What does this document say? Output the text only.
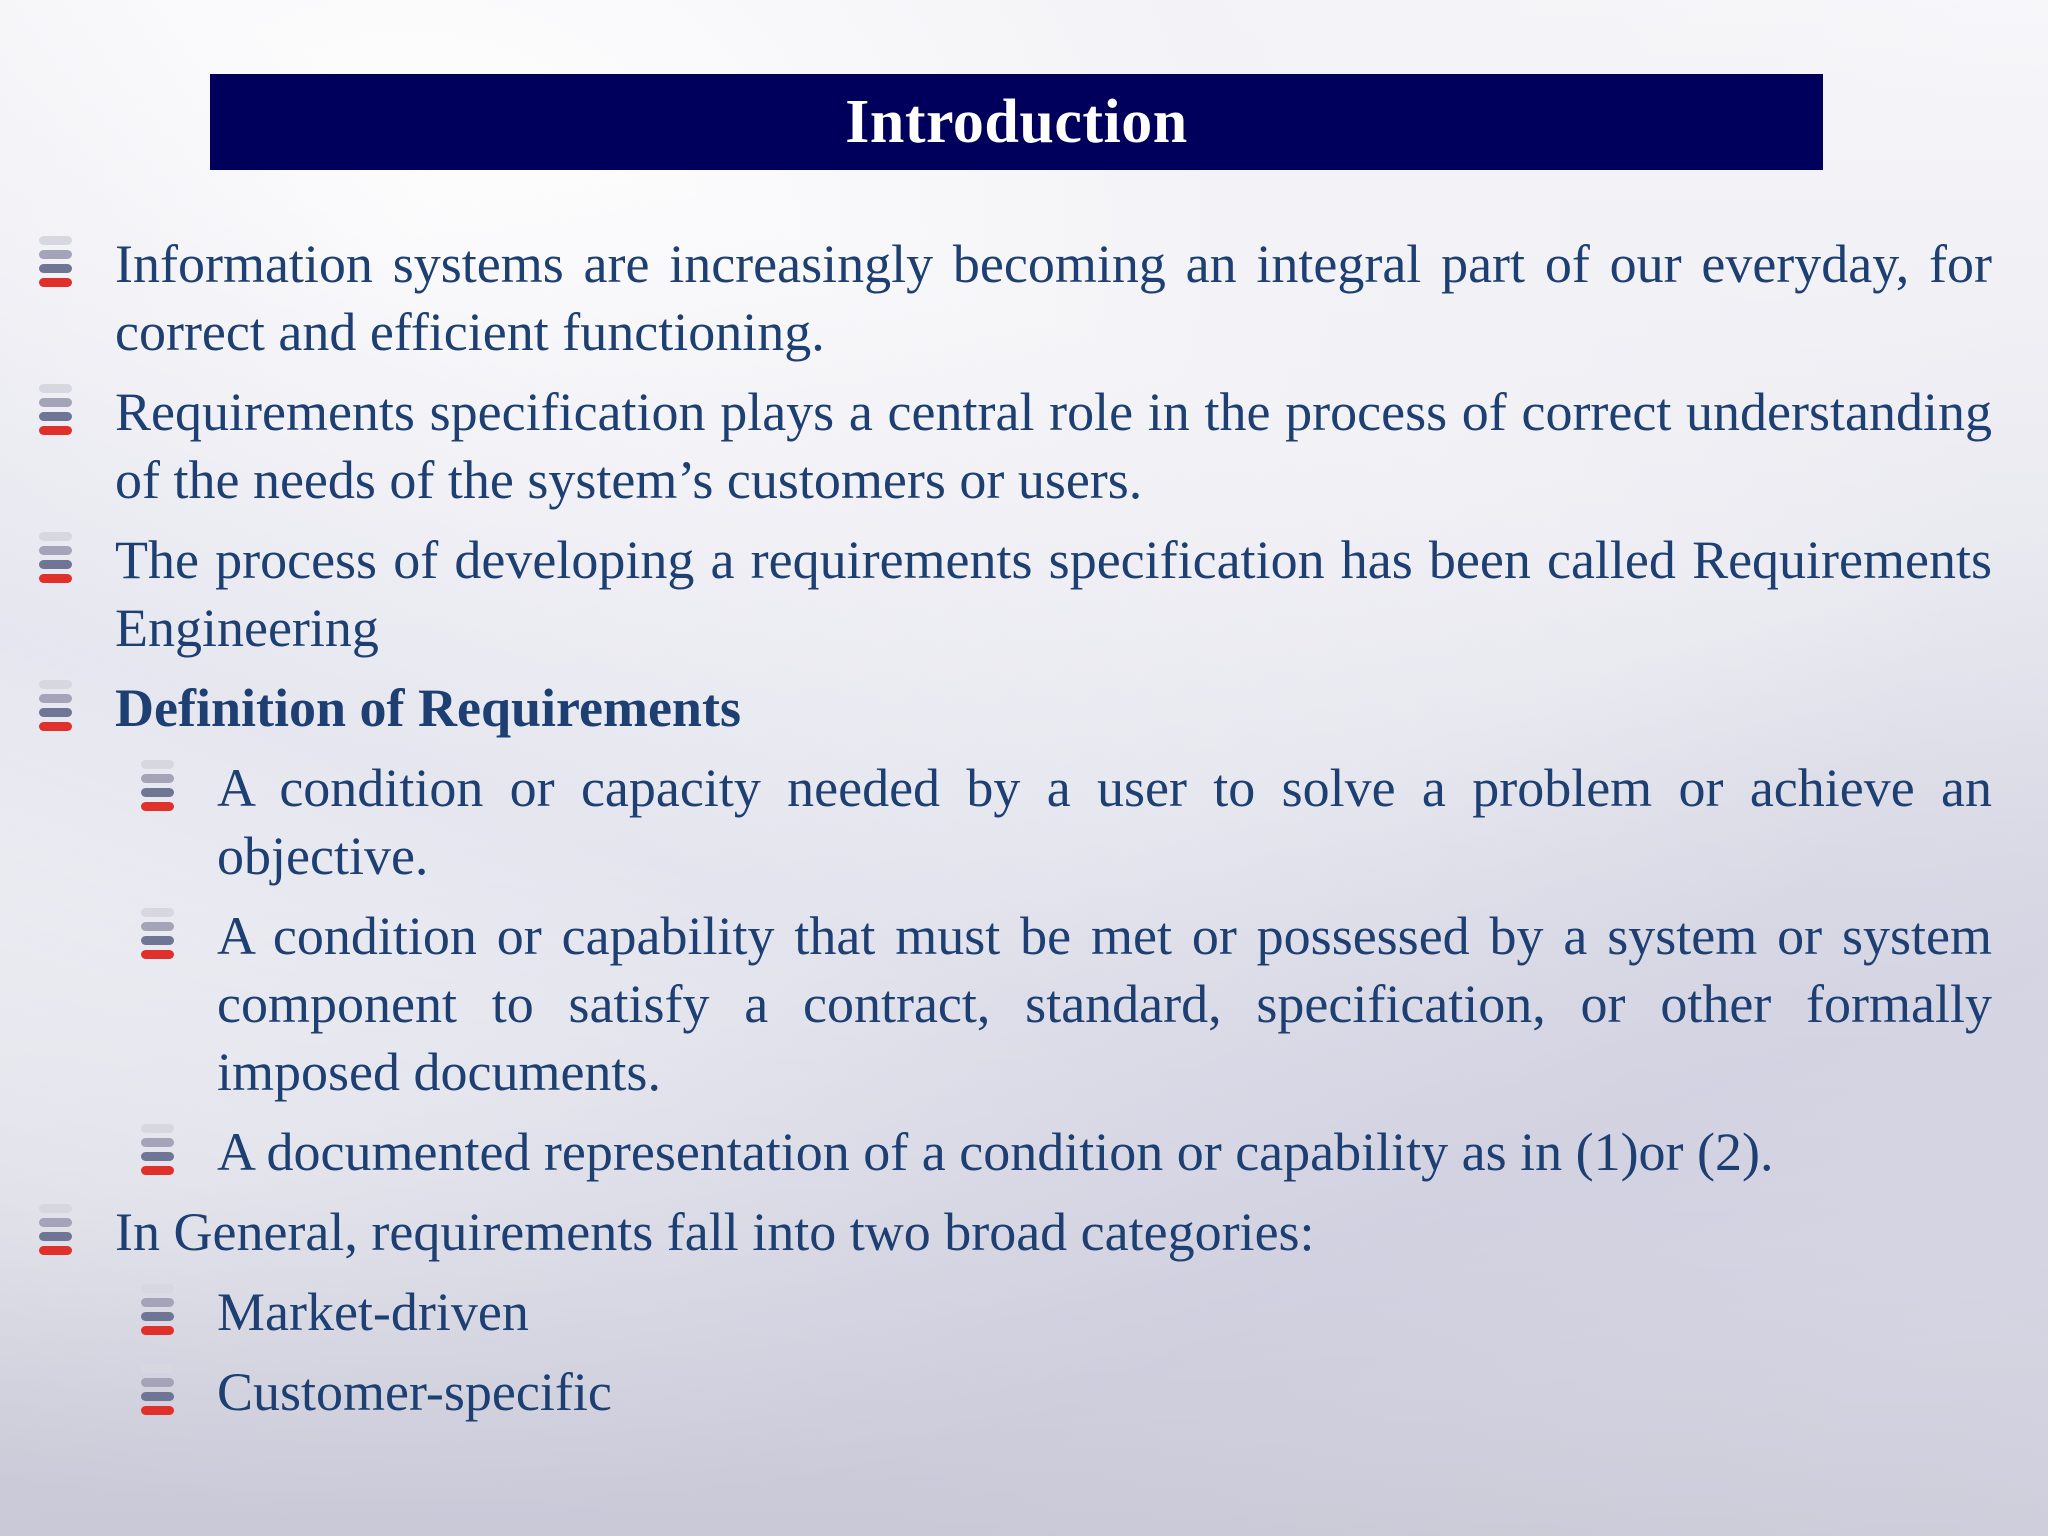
Introduction
Information systems are increasingly becoming an integral part of our everyday, for correct and efficient functioning.
Requirements specification plays a central role in the process of correct understanding of the needs of the system’s customers or users.
The process of developing a requirements specification has been called Requirements Engineering
Definition of Requirements
A condition or capacity needed by a user to solve a problem or achieve an objective.
A condition or capability that must be met or possessed by a system or system component to satisfy a contract, standard, specification, or other formally imposed documents.
A documented representation of a condition or capability as in (1)or (2).
In General, requirements fall into two broad categories:
Market-driven
Customer-specific
